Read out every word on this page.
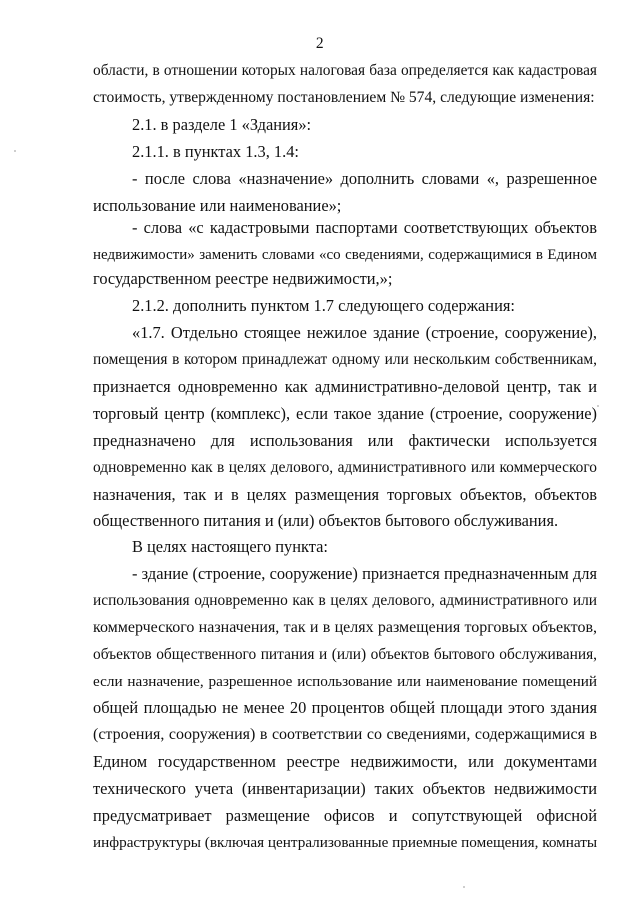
2
области, в отношении которых налоговая база определяется как кадастровая
стоимость, утвержденному постановлением № 574, следующие изменения:
2.1. в разделе 1 «Здания»:
2.1.1. в пунктах 1.3, 1.4:
- после слова «назначение» дополнить словами «, разрешенное
использование или наименование»;
- слова «с кадастровыми паспортами соответствующих объектов
недвижимости» заменить словами «со сведениями, содержащимися в Едином
государственном реестре недвижимости,»;
2.1.2. дополнить пунктом 1.7 следующего содержания:
«1.7. Отдельно стоящее нежилое здание (строение, сооружение),
помещения в котором принадлежат одному или нескольким собственникам,
признается одновременно как административно-деловой центр, так и
торговый центр (комплекс), если такое здание (строение, сооружение)
предназначено для использования или фактически используется
одновременно как в целях делового, административного или коммерческого
назначения, так и в целях размещения торговых объектов, объектов
общественного питания и (или) объектов бытового обслуживания.
В целях настоящего пункта:
- здание (строение, сооружение) признается предназначенным для
использования одновременно как в целях делового, административного или
коммерческого назначения, так и в целях размещения торговых объектов,
объектов общественного питания и (или) объектов бытового обслуживания,
если назначение, разрешенное использование или наименование помещений
общей площадью не менее 20 процентов общей площади этого здания
(строения, сооружения) в соответствии со сведениями, содержащимися в
Едином государственном реестре недвижимости, или документами
технического учета (инвентаризации) таких объектов недвижимости
предусматривает размещение офисов и сопутствующей офисной
инфраструктуры (включая централизованные приемные помещения, комнаты
